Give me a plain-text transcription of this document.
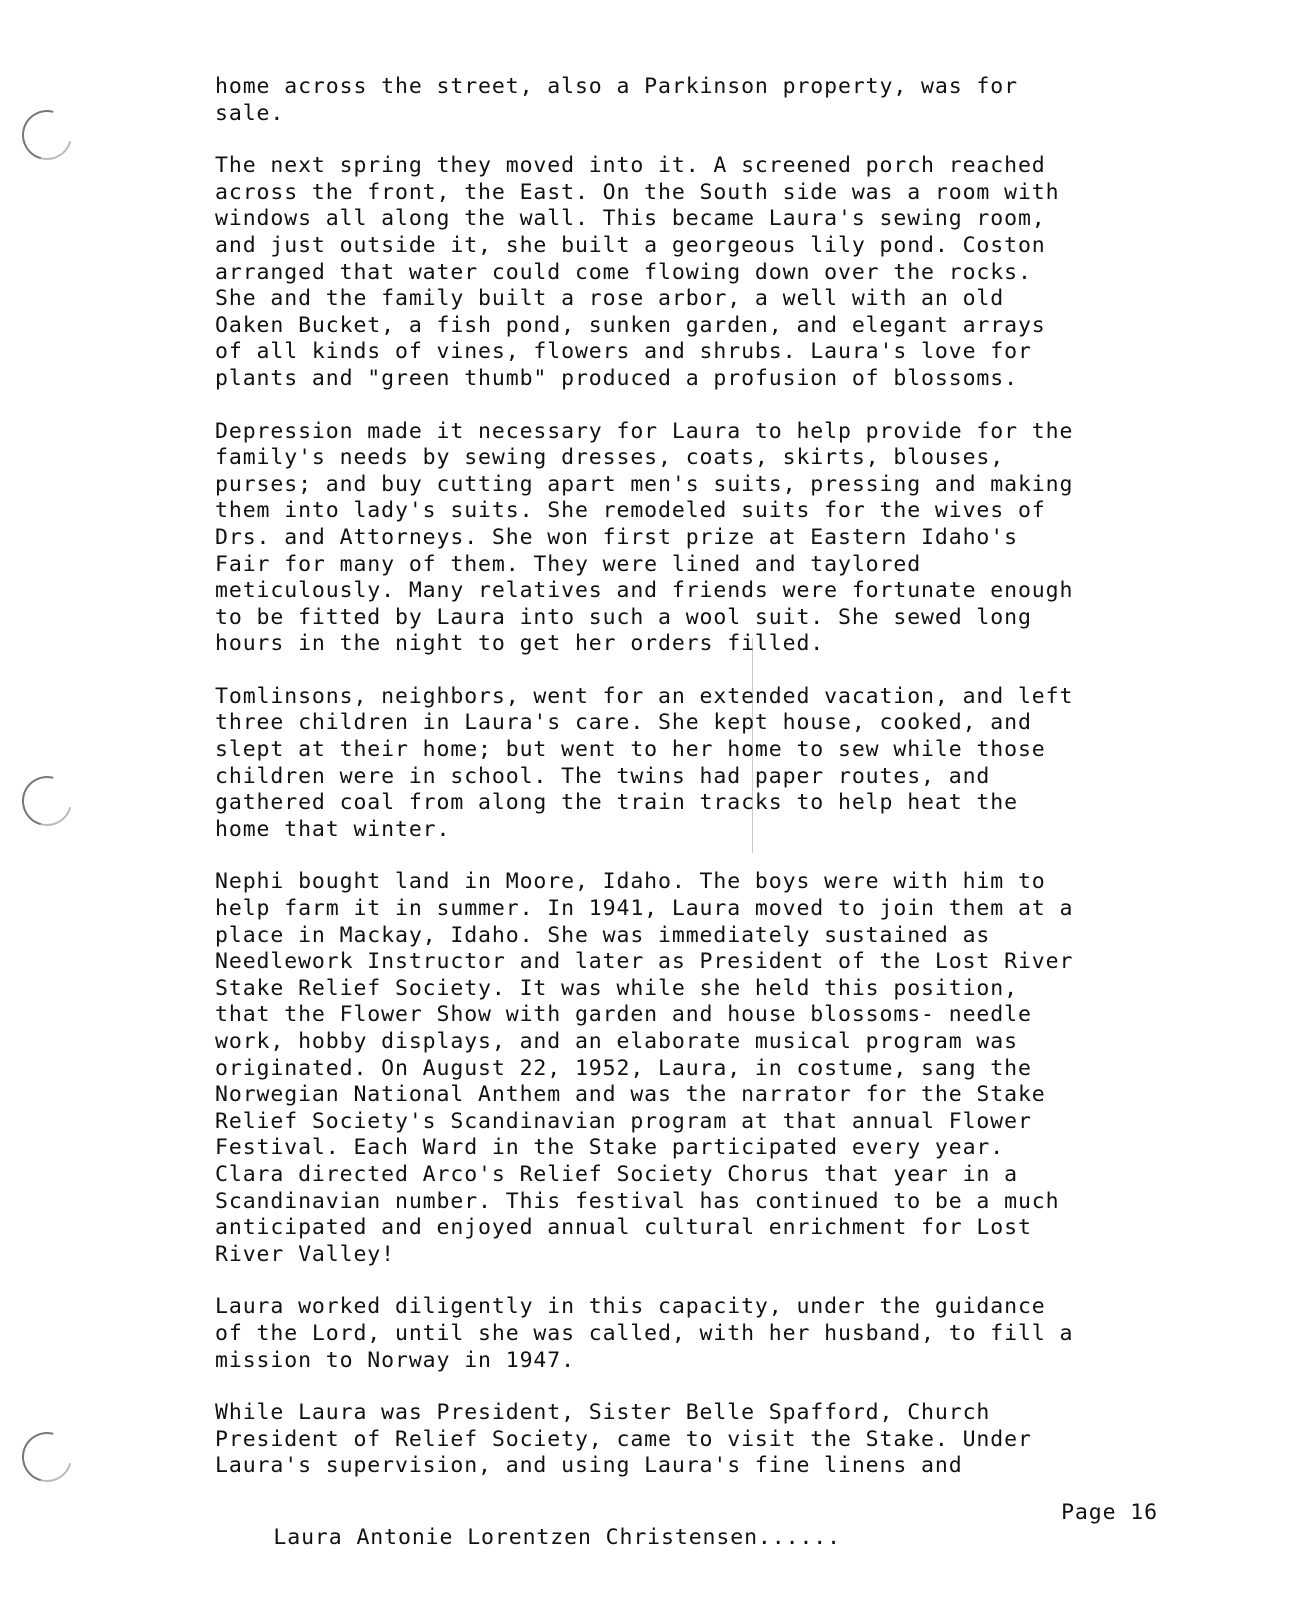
home across the street, also a Parkinson property, was for
sale.
The next spring they moved into it. A screened porch reached
across the front, the East. On the South side was a room with
windows all along the wall. This became Laura's sewing room,
and just outside it, she built a georgeous lily pond. Coston
arranged that water could come flowing down over the rocks.
She and the family built a rose arbor, a well with an old
Oaken Bucket, a fish pond, sunken garden, and elegant arrays
of all kinds of vines, flowers and shrubs. Laura's love for
plants and "green thumb" produced a profusion of blossoms.
Depression made it necessary for Laura to help provide for the
family's needs by sewing dresses, coats, skirts, blouses,
purses; and buy cutting apart men's suits, pressing and making
them into lady's suits. She remodeled suits for the wives of
Drs. and Attorneys. She won first prize at Eastern Idaho's
Fair for many of them. They were lined and taylored
meticulously. Many relatives and friends were fortunate enough
to be fitted by Laura into such a wool suit. She sewed long
hours in the night to get her orders filled.
Tomlinsons, neighbors, went for an extended vacation, and left
three children in Laura's care. She kept house, cooked, and
slept at their home; but went to her home to sew while those
children were in school. The twins had paper routes, and
gathered coal from along the train tracks to help heat the
home that winter.
Nephi bought land in Moore, Idaho. The boys were with him to
help farm it in summer. In 1941, Laura moved to join them at a
place in Mackay, Idaho. She was immediately sustained as
Needlework Instructor and later as President of the Lost River
Stake Relief Society. It was while she held this position,
that the Flower Show with garden and house blossoms- needle
work, hobby displays, and an elaborate musical program was
originated. On August 22, 1952, Laura, in costume, sang the
Norwegian National Anthem and was the narrator for the Stake
Relief Society's Scandinavian program at that annual Flower
Festival. Each Ward in the Stake participated every year.
Clara directed Arco's Relief Society Chorus that year in a
Scandinavian number. This festival has continued to be a much
anticipated and enjoyed annual cultural enrichment for Lost
River Valley!
Laura worked diligently in this capacity, under the guidance
of the Lord, until she was called, with her husband, to fill a
mission to Norway in 1947.
While Laura was President, Sister Belle Spafford, Church
President of Relief Society, came to visit the Stake. Under
Laura's supervision, and using Laura's fine linens and

Laura Antonie Lorentzen Christensen......

Page 16
